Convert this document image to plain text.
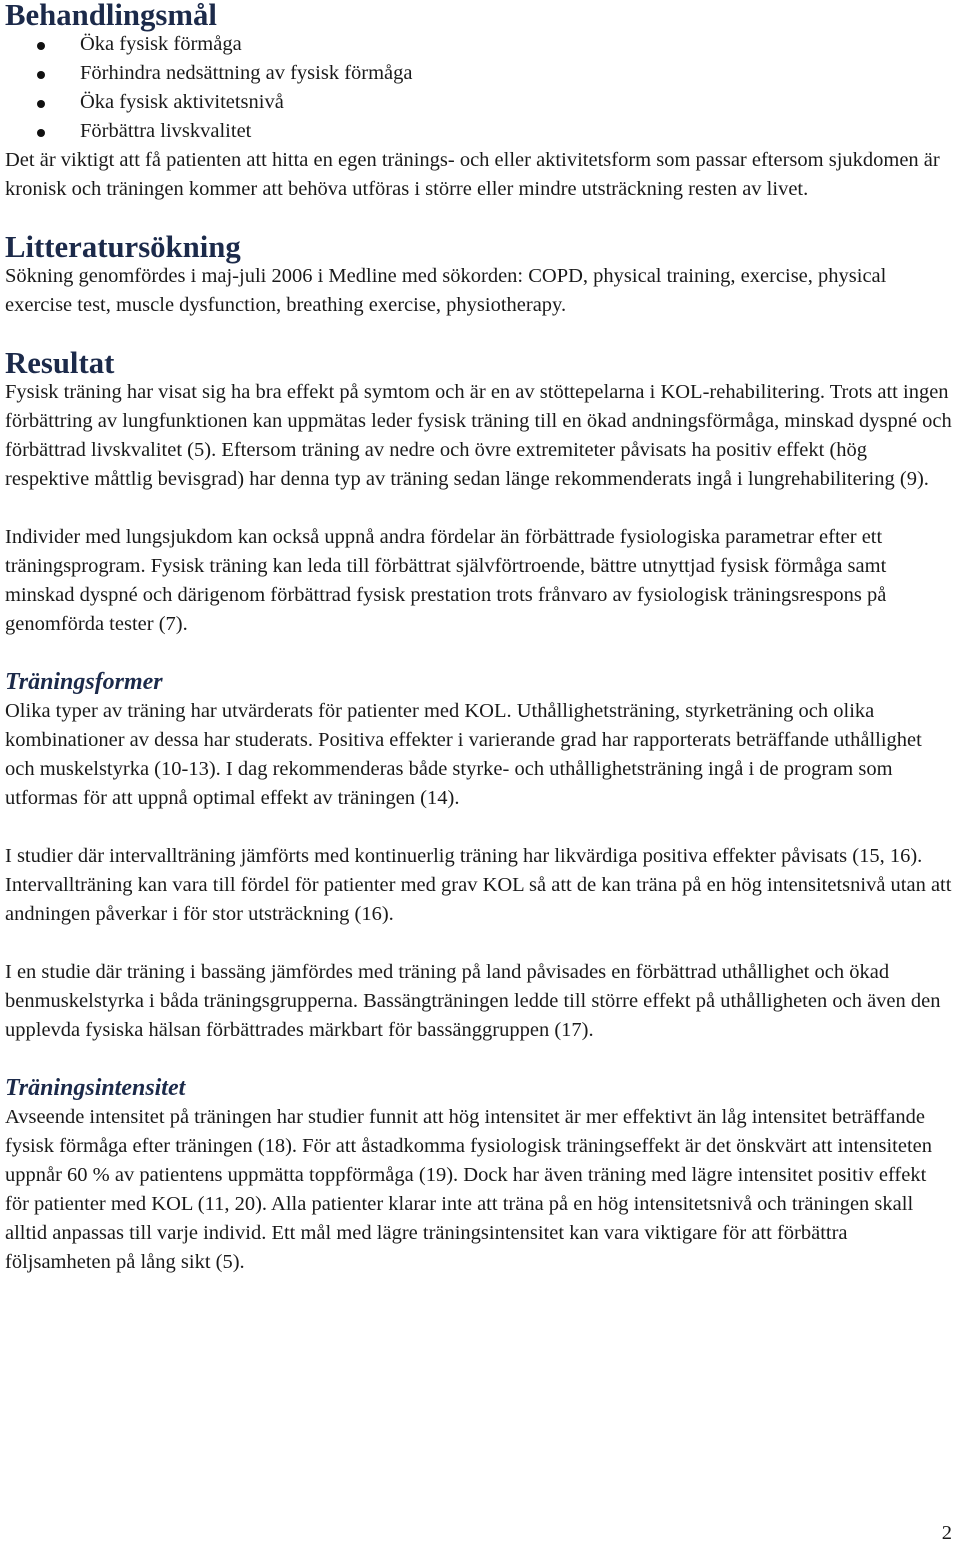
Behandlingsmål
Öka fysisk förmåga
Förhindra nedsättning av fysisk förmåga
Öka fysisk aktivitetsnivå
Förbättra livskvalitet

Det är viktigt att få patienten att hitta en egen tränings- och eller aktivitetsform som passar eftersom sjukdomen är kronisk och träningen kommer att behöva utföras i större eller mindre utsträckning resten av livet.

Litteratursökning

Sökning genomfördes i maj-juli 2006 i Medline med sökorden: COPD, physical training, exercise, physical exercise test, muscle dysfunction, breathing exercise, physiotherapy.

Resultat

Fysisk träning har visat sig ha bra effekt på symtom och är en av stöttepelarna i KOL-rehabilitering. Trots att ingen förbättring av lungfunktionen kan uppmätas leder fysisk träning till en ökad andningsförmåga, minskad dyspné och förbättrad livskvalitet (5). Eftersom träning av nedre och övre extremiteter påvisats ha positiv effekt (hög respektive måttlig bevisgrad) har denna typ av träning sedan länge rekommenderats ingå i lungrehabilitering (9).

Individer med lungsjukdom kan också uppnå andra fördelar än förbättrade fysiologiska parametrar efter ett träningsprogram. Fysisk träning kan leda till förbättrat självförtroende, bättre utnyttjad fysisk förmåga samt minskad dyspné och därigenom förbättrad fysisk prestation trots frånvaro av fysiologisk träningsrespons på genomförda tester (7).

Träningsformer

Olika typer av träning har utvärderats för patienter med KOL. Uthållighetsträning, styrketräning och olika kombinationer av dessa har studerats. Positiva effekter i varierande grad har rapporterats beträffande uthållighet och muskelstyrka (10-13). I dag rekommenderas både styrke- och uthållighetsträning ingå i de program som utformas för att uppnå optimal effekt av träningen (14).

I studier där intervallträning jämförts med kontinuerlig träning har likvärdiga positiva effekter påvisats (15, 16). Intervallträning kan vara till fördel för patienter med grav KOL så att de kan träna på en hög intensitetsnivå utan att andningen påverkar i för stor utsträckning (16).

I en studie där träning i bassäng jämfördes med träning på land påvisades en förbättrad uthållighet och ökad benmuskelstyrka i båda träningsgrupperna. Bassängträningen ledde till större effekt på uthålligheten och även den upplevda fysiska hälsan förbättrades märkbart för bassänggruppen (17).

Träningsintensitet

Avseende intensitet på träningen har studier funnit att hög intensitet är mer effektivt än låg intensitet beträffande fysisk förmåga efter träningen (18). För att åstadkomma fysiologisk träningseffekt är det önskvärt att intensiteten uppnår 60 % av patientens uppmätta toppförmåga (19). Dock har även träning med lägre intensitet positiv effekt för patienter med KOL (11, 20). Alla patienter klarar inte att träna på en hög intensitetsnivå och träningen skall alltid anpassas till varje individ. Ett mål med lägre träningsintensitet kan vara viktigare för att förbättra följsamheten på lång sikt (5).

2
